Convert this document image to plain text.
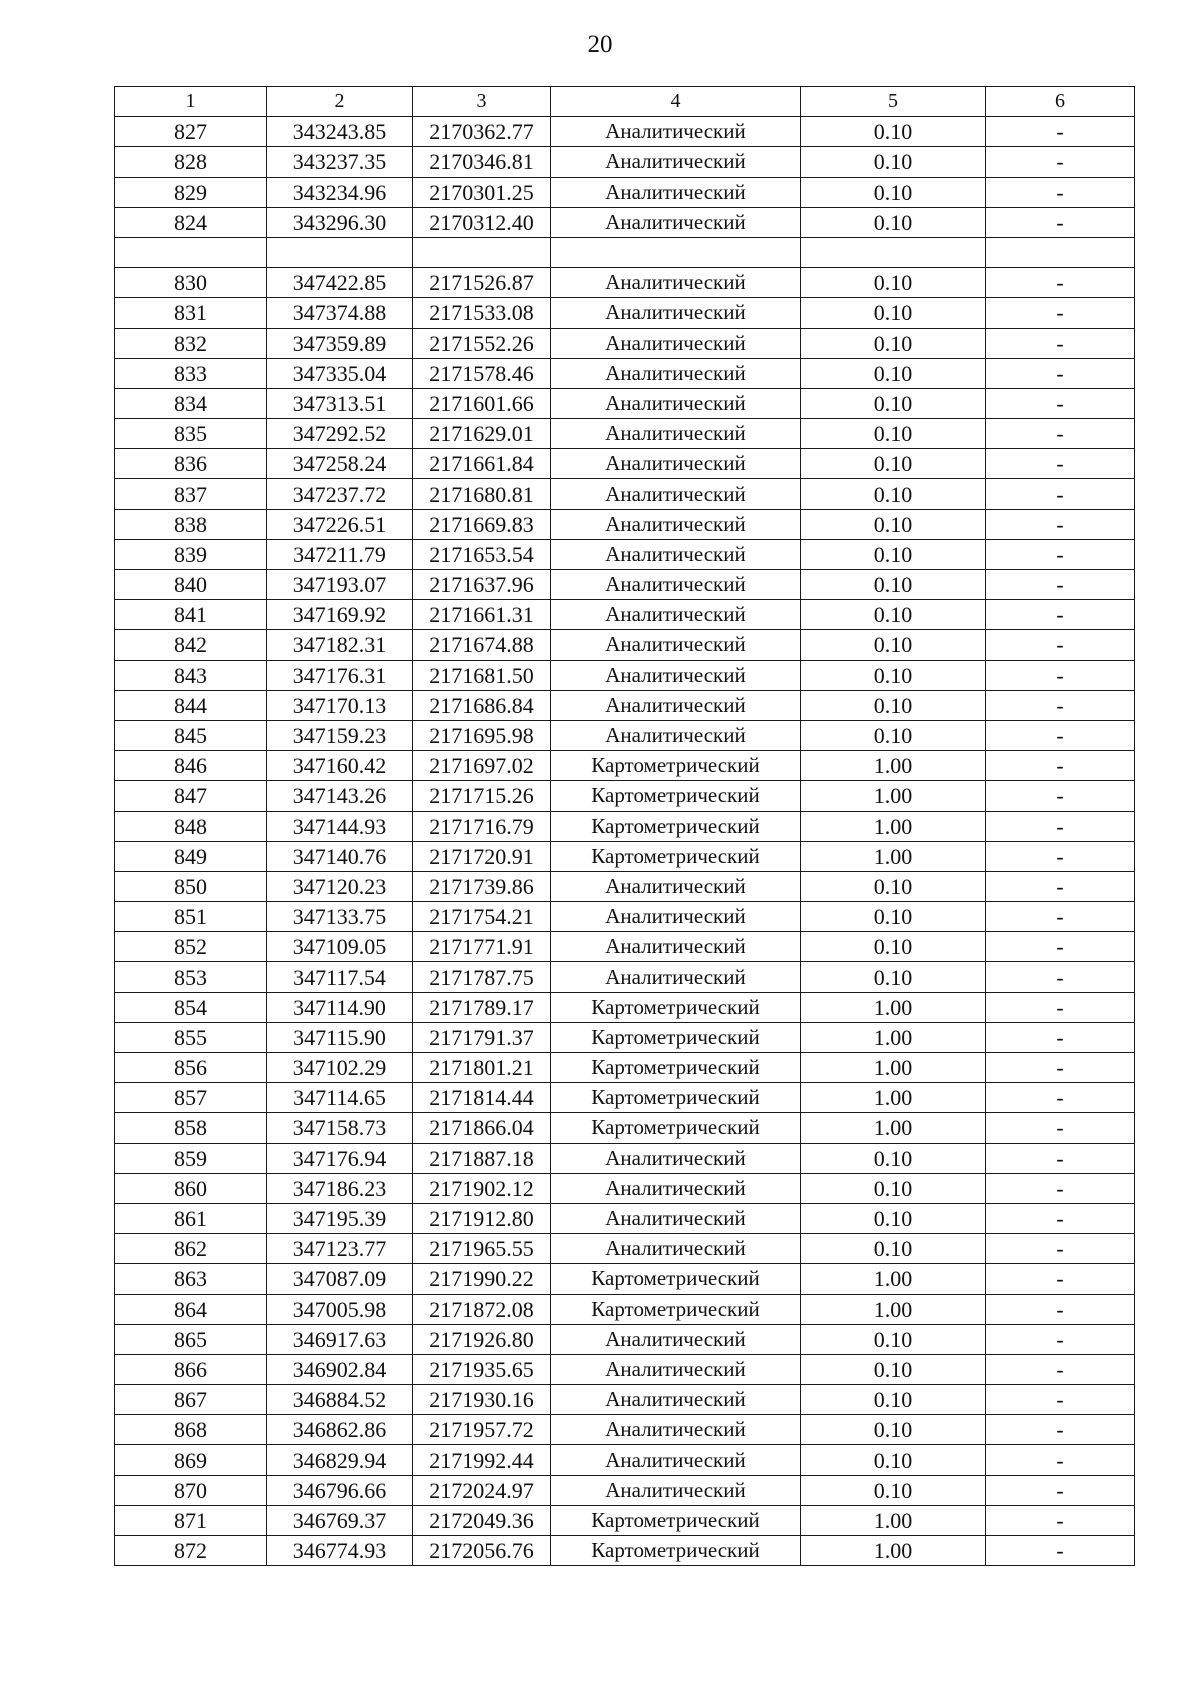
20
1	2	3	4	5	6
827	343243.85	2170362.77	Аналитический	0.10	-
828	343237.35	2170346.81	Аналитический	0.10	-
829	343234.96	2170301.25	Аналитический	0.10	-
824	343296.30	2170312.40	Аналитический	0.10	-

830	347422.85	2171526.87	Аналитический	0.10	-
831	347374.88	2171533.08	Аналитический	0.10	-
832	347359.89	2171552.26	Аналитический	0.10	-
833	347335.04	2171578.46	Аналитический	0.10	-
834	347313.51	2171601.66	Аналитический	0.10	-
835	347292.52	2171629.01	Аналитический	0.10	-
836	347258.24	2171661.84	Аналитический	0.10	-
837	347237.72	2171680.81	Аналитический	0.10	-
838	347226.51	2171669.83	Аналитический	0.10	-
839	347211.79	2171653.54	Аналитический	0.10	-
840	347193.07	2171637.96	Аналитический	0.10	-
841	347169.92	2171661.31	Аналитический	0.10	-
842	347182.31	2171674.88	Аналитический	0.10	-
843	347176.31	2171681.50	Аналитический	0.10	-
844	347170.13	2171686.84	Аналитический	0.10	-
845	347159.23	2171695.98	Аналитический	0.10	-
846	347160.42	2171697.02	Картометрический	1.00	-
847	347143.26	2171715.26	Картометрический	1.00	-
848	347144.93	2171716.79	Картометрический	1.00	-
849	347140.76	2171720.91	Картометрический	1.00	-
850	347120.23	2171739.86	Аналитический	0.10	-
851	347133.75	2171754.21	Аналитический	0.10	-
852	347109.05	2171771.91	Аналитический	0.10	-
853	347117.54	2171787.75	Аналитический	0.10	-
854	347114.90	2171789.17	Картометрический	1.00	-
855	347115.90	2171791.37	Картометрический	1.00	-
856	347102.29	2171801.21	Картометрический	1.00	-
857	347114.65	2171814.44	Картометрический	1.00	-
858	347158.73	2171866.04	Картометрический	1.00	-
859	347176.94	2171887.18	Аналитический	0.10	-
860	347186.23	2171902.12	Аналитический	0.10	-
861	347195.39	2171912.80	Аналитический	0.10	-
862	347123.77	2171965.55	Аналитический	0.10	-
863	347087.09	2171990.22	Картометрический	1.00	-
864	347005.98	2171872.08	Картометрический	1.00	-
865	346917.63	2171926.80	Аналитический	0.10	-
866	346902.84	2171935.65	Аналитический	0.10	-
867	346884.52	2171930.16	Аналитический	0.10	-
868	346862.86	2171957.72	Аналитический	0.10	-
869	346829.94	2171992.44	Аналитический	0.10	-
870	346796.66	2172024.97	Аналитический	0.10	-
871	346769.37	2172049.36	Картометрический	1.00	-
872	346774.93	2172056.76	Картометрический	1.00	-
